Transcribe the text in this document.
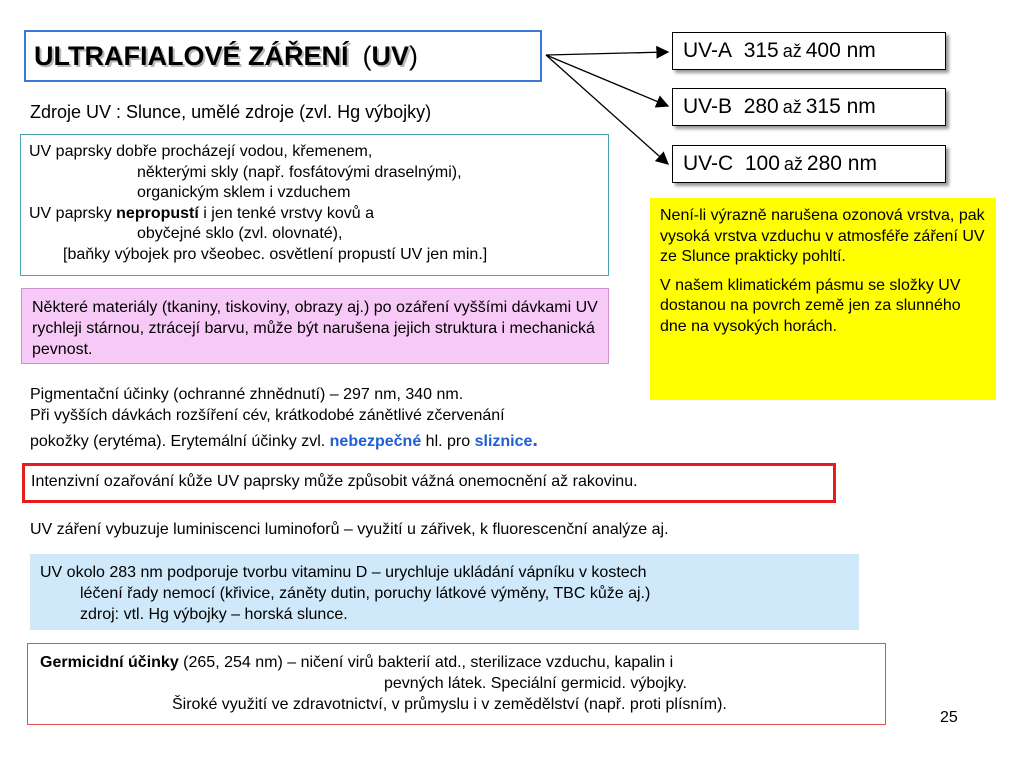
ULTRAFIALOVÉ ZÁŘENÍ (UV)	UV-A
315 až 400 nm
UV-B
280 až 315 nm
UV-C
100 až 280 nm
Zdroje UV : Slunce, umělé zdroje (zvl. Hg výbojky)

UV paprsky dobře procházejí vodou, křemenem,

některými skly (např. fosfátovými draselnými),

organickým sklem i vzduchem

UV paprsky nepropustí i jen tenké vrstvy kovů a

obyčejné sklo (zvl. olovnaté),

[baňky výbojek pro všeobec. osvětlení propustí UV jen min.]

Některé materiály (tkaniny, tiskoviny, obrazy aj.) po ozáření vyššími dávkami UV rychleji stárnou, ztrácejí barvu, může být narušena jejich struktura i mechanická pevnost.

Není-li výrazně narušena ozonová vrstva, pak vysoká vrstva vzduchu v atmosféře záření UV ze Slunce prakticky pohltí.

V našem klimatickém pásmu se složky UV dostanou na povrch země jen za slunného dne na vysokých horách.

Pigmentační účinky (ochranné zhnědnutí) – 297 nm, 340 nm.

Při vyšších dávkách rozšíření cév, krátkodobé zánětlivé zčervenání

pokožky (erytéma). Erytemální účinky zvl. nebezpečné hl. pro sliznice.

Intenzivní ozařování kůže UV paprsky může způsobit vážná onemocnění až rakovinu.

UV záření vybuzuje luminiscenci luminoforů – využití u zářivek, k fluorescenční analýze aj.

UV okolo 283 nm podporuje tvorbu vitaminu D – urychluje ukládání vápníku v kostech

léčení řady nemocí (křivice, záněty dutin, poruchy látkové výměny, TBC kůže aj.)

zdroj: vtl. Hg výbojky – horská slunce.

Germicidní účinky (265, 254 nm) – ničení virů bakterií atd., sterilizace vzduchu, kapalin i

pevných látek. Speciální germicid. výbojky.

Široké využití ve zdravotnictví, v průmyslu i v zemědělství (např. proti plísním).

25
